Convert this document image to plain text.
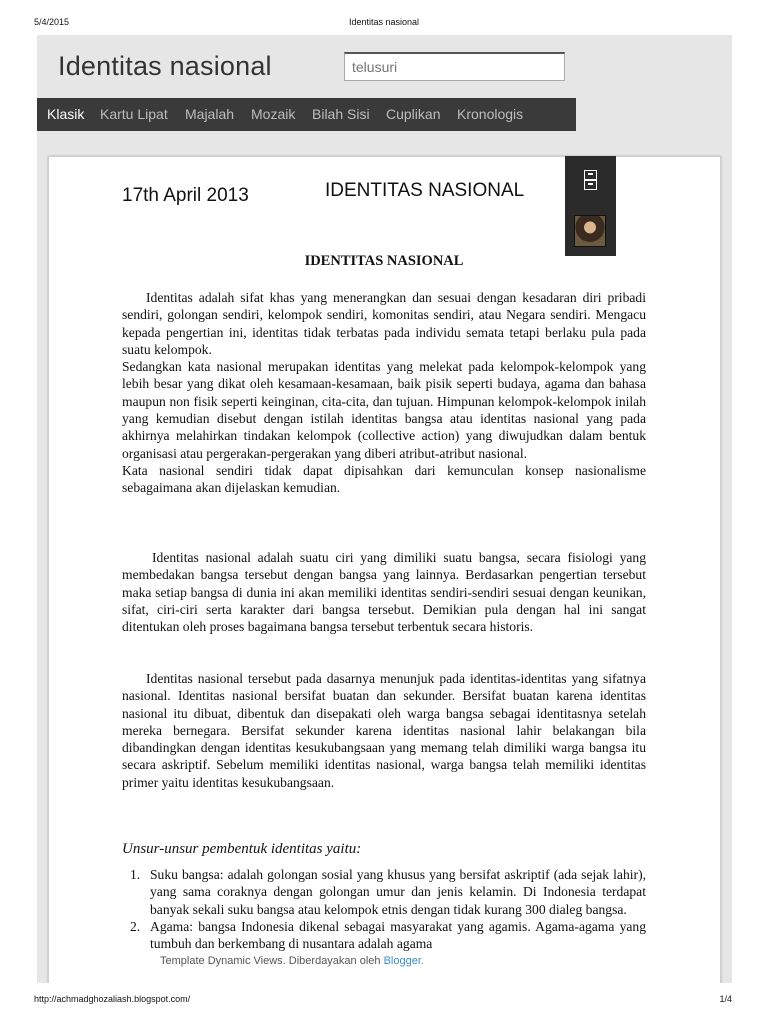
5/4/2015	Identitas nasional
Identitas nasional
telusuri
Klasik Kartu Lipat Majalah Mozaik Bilah Sisi Cuplikan Kronologis
17th April 2013	IDENTITAS NASIONAL
IDENTITAS NASIONAL

Identitas adalah sifat khas yang menerangkan dan sesuai dengan kesadaran diri pribadi sendiri, golongan sendiri, kelompok sendiri, komonitas sendiri, atau Negara sendiri. Mengacu kepada pengertian ini, identitas tidak terbatas pada individu semata tetapi berlaku pula pada suatu kelompok.

Sedangkan kata nasional merupakan identitas yang melekat pada kelompok-kelompok yang lebih besar yang dikat oleh kesamaan-kesamaan, baik pisik seperti budaya, agama dan bahasa maupun non fisik seperti keinginan, cita-cita, dan tujuan. Himpunan kelompok-kelompok inilah yang kemudian disebut dengan istilah identitas bangsa atau identitas nasional yang pada akhirnya melahirkan tindakan kelompok (collective action) yang diwujudkan dalam bentuk organisasi atau pergerakan-pergerakan yang diberi atribut-atribut nasional.

Kata nasional sendiri tidak dapat dipisahkan dari kemunculan konsep nasionalisme sebagaimana akan dijelaskan kemudian.

Identitas nasional adalah suatu ciri yang dimiliki suatu bangsa, secara fisiologi yang membedakan bangsa tersebut dengan bangsa yang lainnya. Berdasarkan pengertian tersebut maka setiap bangsa di dunia ini akan memiliki identitas sendiri-sendiri sesuai dengan keunikan, sifat, ciri-ciri serta karakter dari bangsa tersebut. Demikian pula dengan hal ini sangat ditentukan oleh proses bagaimana bangsa tersebut terbentuk secara historis.

Identitas nasional tersebut pada dasarnya menunjuk pada identitas-identitas yang sifatnya nasional. Identitas nasional bersifat buatan dan sekunder. Bersifat buatan karena identitas nasional itu dibuat, dibentuk dan disepakati oleh warga bangsa sebagai identitasnya setelah mereka bernegara. Bersifat sekunder karena identitas nasional lahir belakangan bila dibandingkan dengan identitas kesukubangsaan yang memang telah dimiliki warga bangsa itu secara askriptif. Sebelum memiliki identitas nasional, warga bangsa telah memiliki identitas primer yaitu identitas kesukubangsaan.

Unsur-unsur pembentuk identitas yaitu:
1. Suku bangsa: adalah golongan sosial yang khusus yang bersifat askriptif (ada sejak lahir), yang sama coraknya dengan golongan umur dan jenis kelamin. Di Indonesia terdapat banyak sekali suku bangsa atau kelompok etnis dengan tidak kurang 300 dialeg bangsa.
2. Agama: bangsa Indonesia dikenal sebagai masyarakat yang agamis. Agama-agama yang tumbuh dan berkembang di nusantara adalah agama
Template Dynamic Views. Diberdayakan oleh Blogger.
http://achmadghozaliash.blogspot.com/	1/4
